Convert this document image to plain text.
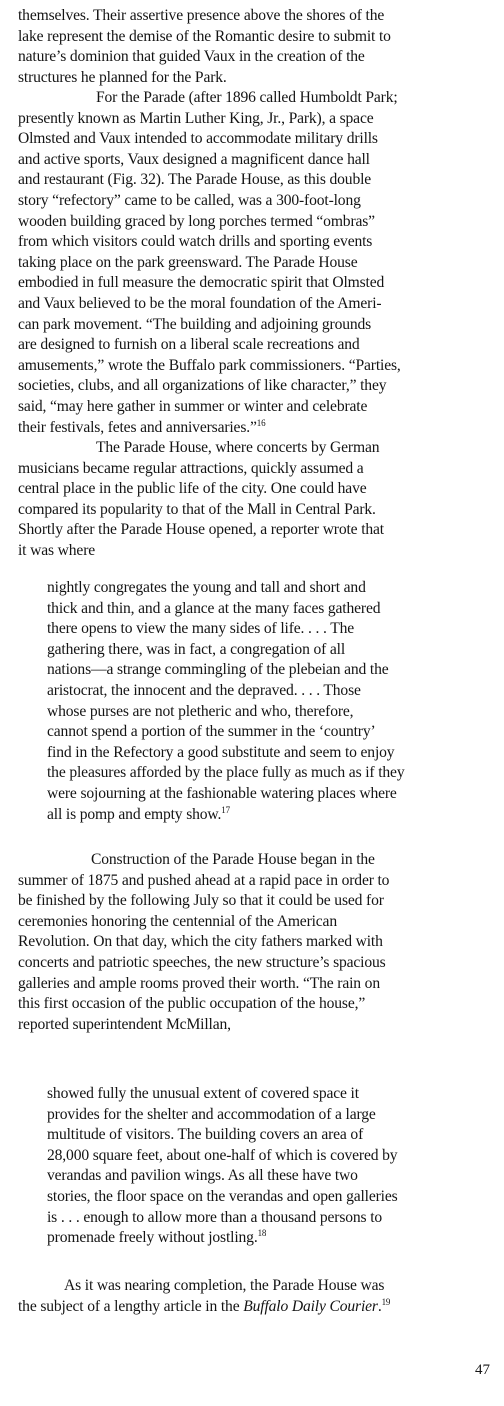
themselves. Their assertive presence above the shores of the
lake represent the demise of the Romantic desire to submit to
nature’s dominion that guided Vaux in the creation of the
structures he planned for the Park.

For the Parade (after 1896 called Humboldt Park;
presently known as Martin Luther King, Jr., Park), a space
Olmsted and Vaux intended to accommodate military drills
and active sports, Vaux designed a magnificent dance hall
and restaurant (Fig. 32). The Parade House, as this double
story “refectory” came to be called, was a 300-foot-long
wooden building graced by long porches termed “ombras”
from which visitors could watch drills and sporting events
taking place on the park greensward. The Parade House
embodied in full measure the democratic spirit that Olmsted
and Vaux believed to be the moral foundation of the Ameri-
can park movement. “The building and adjoining grounds
are designed to furnish on a liberal scale recreations and
amusements,” wrote the Buffalo park commissioners. “Parties,
societies, clubs, and all organizations of like character,” they
said, “may here gather in summer or winter and celebrate
their festivals, fetes and anniversaries.”$^{16}$

The Parade House, where concerts by German
musicians became regular attractions, quickly assumed a
central place in the public life of the city. One could have
compared its popularity to that of the Mall in Central Park.
Shortly after the Parade House opened, a reporter wrote that
it was where

nightly congregates the young and tall and short and
thick and thin, and a glance at the many faces gathered
there opens to view the many sides of life. . . . The
gathering there, was in fact, a congregation of all
nations—a strange commingling of the plebeian and the
aristocrat, the innocent and the depraved. . . . Those
whose purses are not pletheric and who, therefore,
cannot spend a portion of the summer in the ‘country’
find in the Refectory a good substitute and seem to enjoy
the pleasures afforded by the place fully as much as if they
were sojourning at the fashionable watering places where
all is pomp and empty show.$^{17}$

Construction of the Parade House began in the
summer of 1875 and pushed ahead at a rapid pace in order to
be finished by the following July so that it could be used for
ceremonies honoring the centennial of the American
Revolution. On that day, which the city fathers marked with
concerts and patriotic speeches, the new structure’s spacious
galleries and ample rooms proved their worth. “The rain on
this first occasion of the public occupation of the house,”
reported superintendent McMillan,

showed fully the unusual extent of covered space it
provides for the shelter and accommodation of a large
multitude of visitors. The building covers an area of
28,000 square feet, about one-half of which is covered by
verandas and pavilion wings. As all these have two
stories, the floor space on the verandas and open galleries
is . . . enough to allow more than a thousand persons to
promenade freely without jostling.$^{18}$

As it was nearing completion, the Parade House was
the subject of a lengthy article in the Buffalo Daily Courier.$^{19}$

47
